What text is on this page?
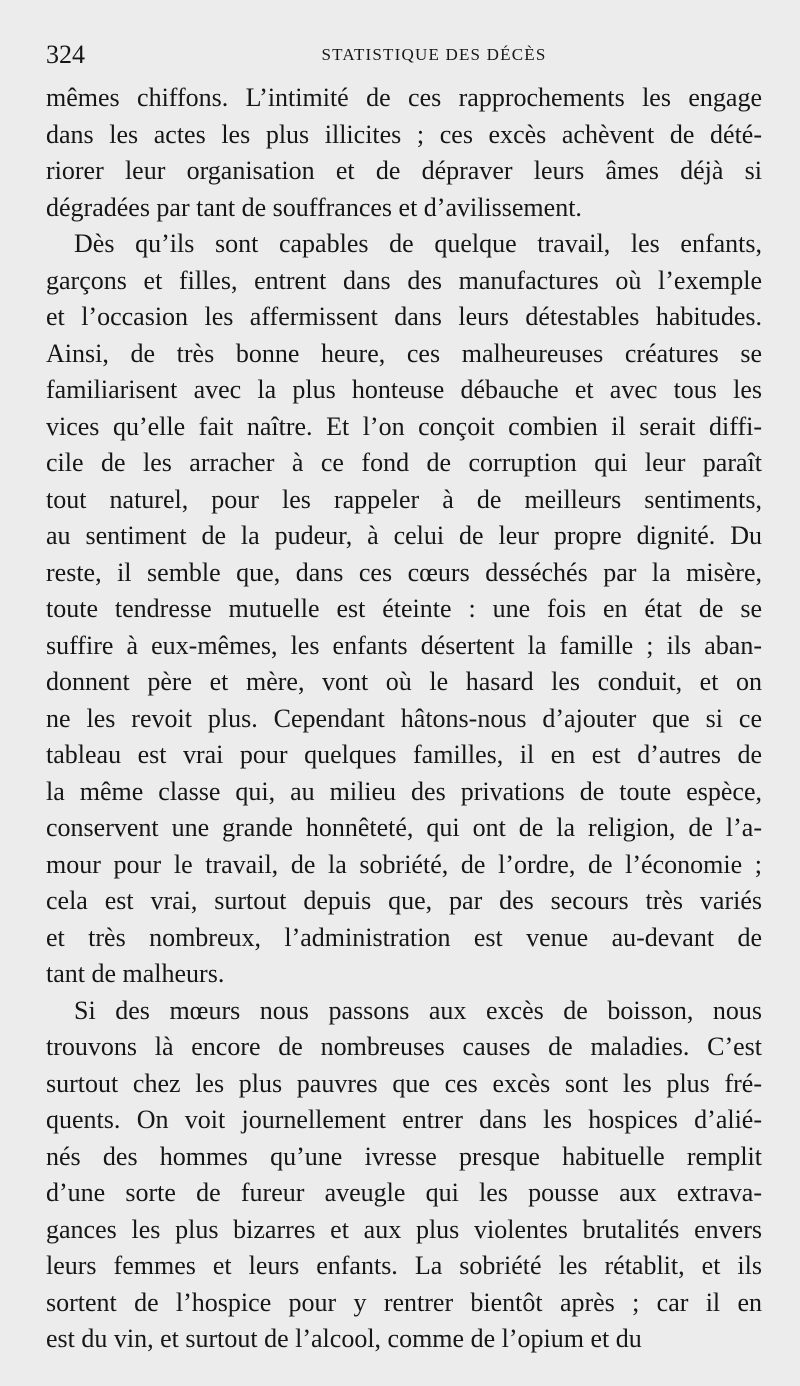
324	STATISTIQUE DES DÉCÈS
mêmes chiffons. L’intimité de ces rapprochements les engage
dans les actes les plus illicites ; ces excès achèvent de dété-
riorer leur organisation et de dépraver leurs âmes déjà si
dégradées par tant de souffrances et d’avilissement.
Dès qu’ils sont capables de quelque travail, les enfants,
garçons et filles, entrent dans des manufactures où l’exemple
et l’occasion les affermissent dans leurs détestables habitudes.
Ainsi, de très bonne heure, ces malheureuses créatures se
familiarisent avec la plus honteuse débauche et avec tous les
vices qu’elle fait naître. Et l’on conçoit combien il serait diffi-
cile de les arracher à ce fond de corruption qui leur paraît
tout naturel, pour les rappeler à de meilleurs sentiments,
au sentiment de la pudeur, à celui de leur propre dignité. Du
reste, il semble que, dans ces cœurs desséchés par la misère,
toute tendresse mutuelle est éteinte : une fois en état de se
suffire à eux-mêmes, les enfants désertent la famille ; ils aban-
donnent père et mère, vont où le hasard les conduit, et on
ne les revoit plus. Cependant hâtons-nous d’ajouter que si ce
tableau est vrai pour quelques familles, il en est d’autres de
la même classe qui, au milieu des privations de toute espèce,
conservent une grande honnêteté, qui ont de la religion, de l’a-
mour pour le travail, de la sobriété, de l’ordre, de l’économie ;
cela est vrai, surtout depuis que, par des secours très variés
et très nombreux, l’administration est venue au-devant de
tant de malheurs.
Si des mœurs nous passons aux excès de boisson, nous
trouvons là encore de nombreuses causes de maladies. C’est
surtout chez les plus pauvres que ces excès sont les plus fré-
quents. On voit journellement entrer dans les hospices d’alié-
nés des hommes qu’une ivresse presque habituelle remplit
d’une sorte de fureur aveugle qui les pousse aux extrava-
gances les plus bizarres et aux plus violentes brutalités envers
leurs femmes et leurs enfants. La sobriété les rétablit, et ils
sortent de l’hospice pour y rentrer bientôt après ; car il en
est du vin, et surtout de l’alcool, comme de l’opium et du
